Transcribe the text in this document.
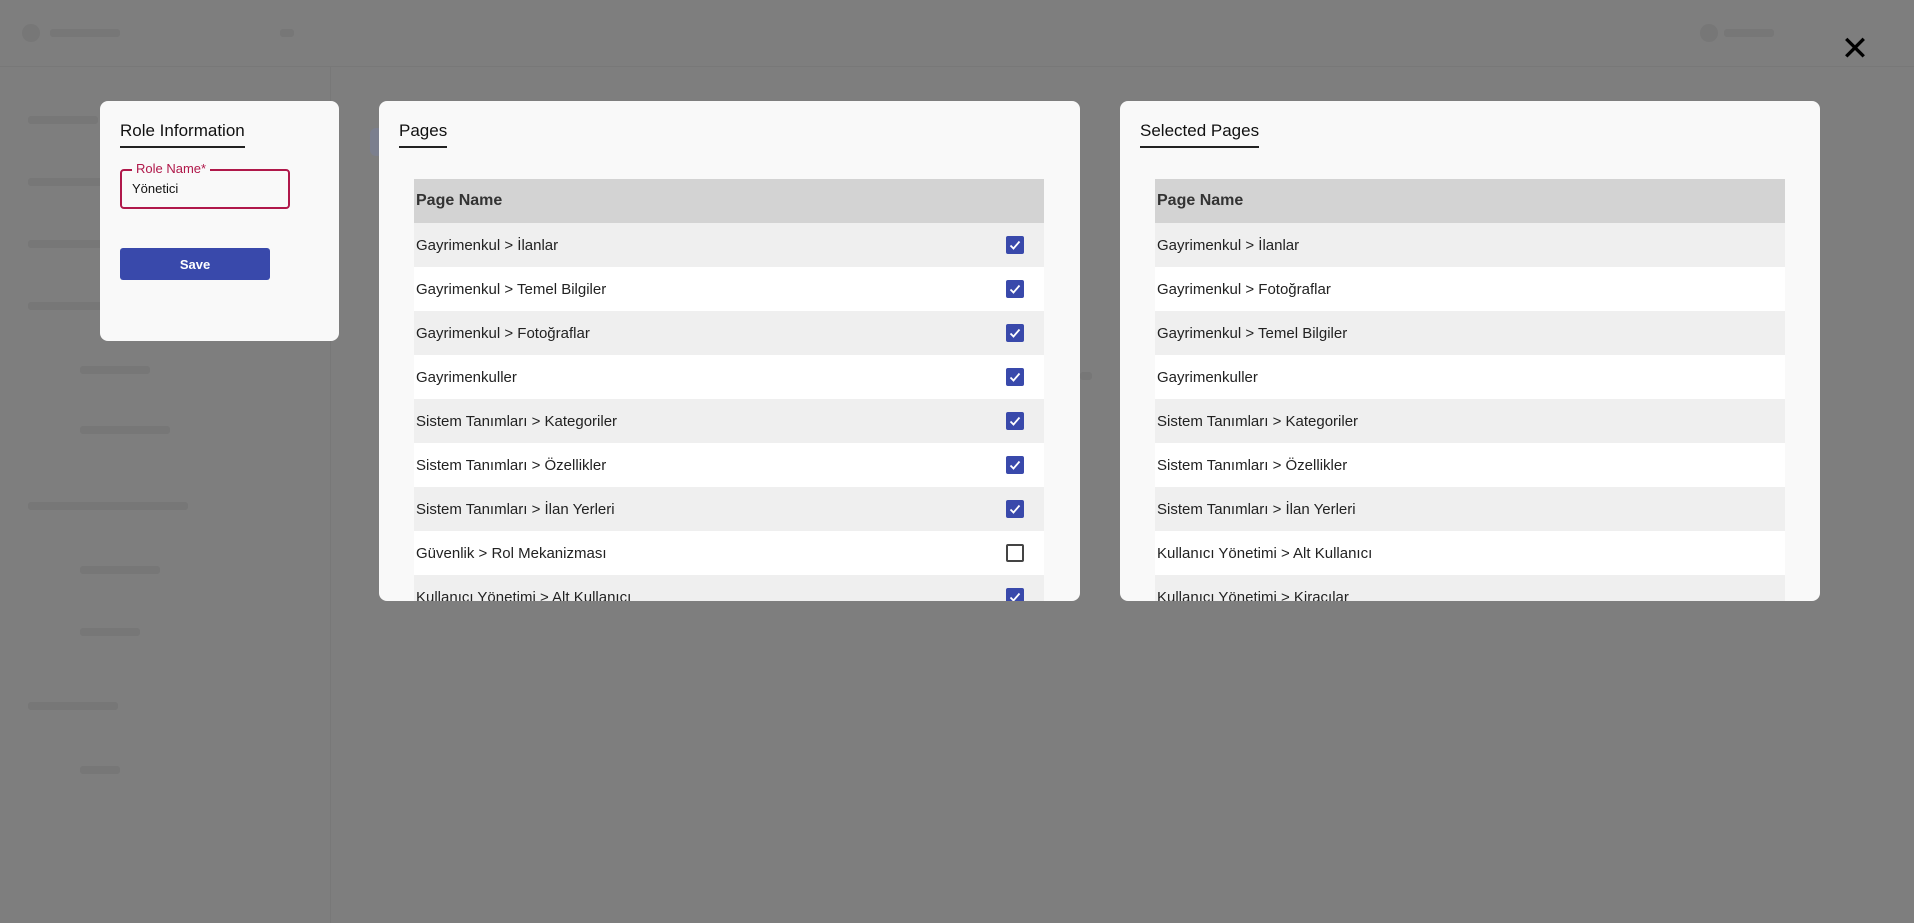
✕
Role Information
Role Name*
Yönetici
Save
Pages
Page Name
Gayrimenkul > İlanlar
Gayrimenkul > Temel Bilgiler
Gayrimenkul > Fotoğraflar
Gayrimenkuller
Sistem Tanımları > Kategoriler
Sistem Tanımları > Özellikler
Sistem Tanımları > İlan Yerleri
Güvenlik > Rol Mekanizması
Kullanıcı Yönetimi > Alt Kullanıcı
Selected Pages
Page Name
Gayrimenkul > İlanlar
Gayrimenkul > Fotoğraflar
Gayrimenkul > Temel Bilgiler
Gayrimenkuller
Sistem Tanımları > Kategoriler
Sistem Tanımları > Özellikler
Sistem Tanımları > İlan Yerleri
Kullanıcı Yönetimi > Alt Kullanıcı
Kullanıcı Yönetimi > Kiracılar
